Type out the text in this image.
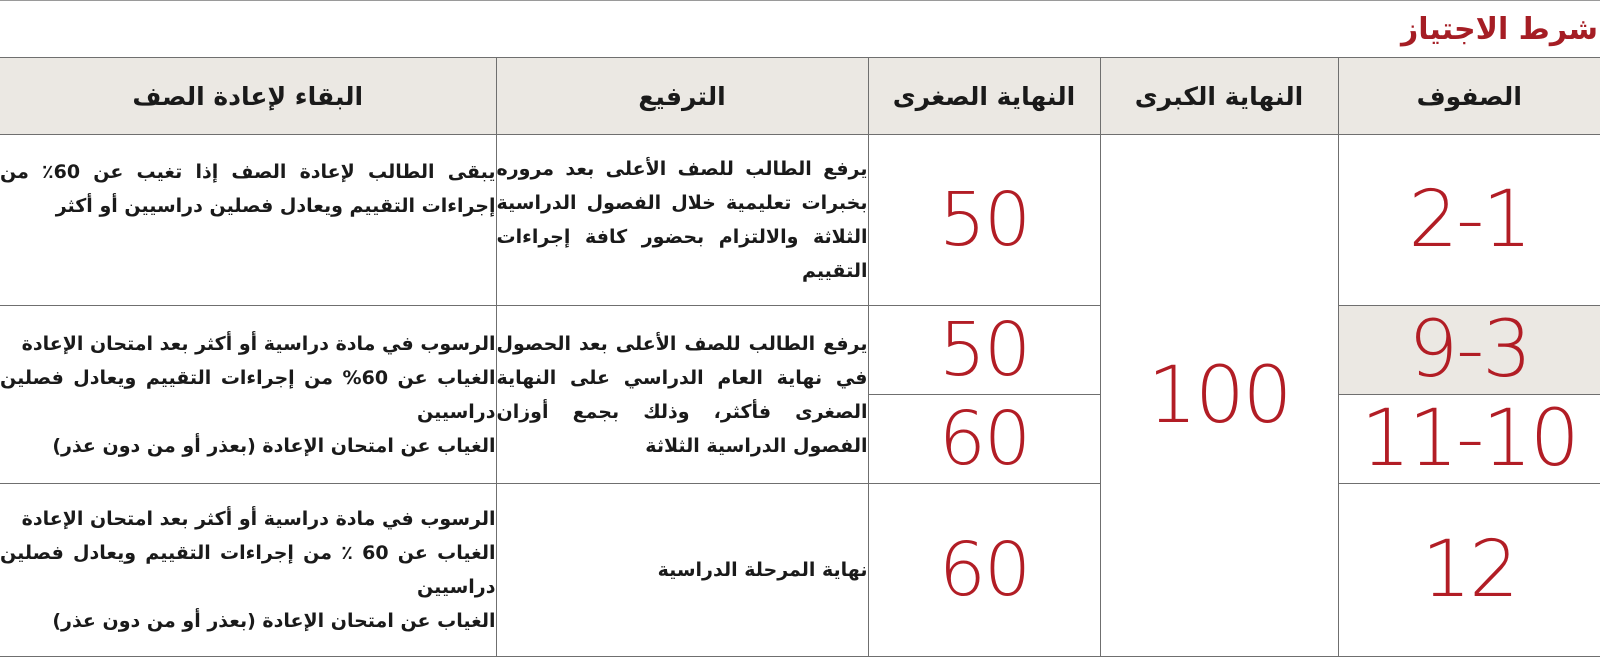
شرط الاجتياز
الصفوف	النهاية الكبرى	النهاية الصغرى	الترفيع	البقاء لإعادة الصف
2-1	100	50	يرفع الطالب للصف الأعلى بعد مروره بخبرات تعليمية خلال الفصول الدراسية الثلاثة والالتزام بحضور كافة إجراءات التقييم	يبقى الطالب لإعادة الصف إذا تغيب عن 60٪ من إجراءات التقييم ويعادل فصلين دراسيين أو أكثر
9-3		50	يرفع الطالب للصف الأعلى بعد الحصول في نهاية العام الدراسي على النهاية الصغرى فأكثر، وذلك بجمع أوزان الفصول الدراسية الثلاثة	الرسوب في مادة دراسية أو أكثر بعد امتحان الإعادة
الغياب عن 60% من إجراءات التقييم ويعادل فصلين دراسيين
الغياب عن امتحان الإعادة (بعذر أو من دون عذر)

11-10		60		
12		60	نهاية المرحلة الدراسية	الرسوب في مادة دراسية أو أكثر بعد امتحان الإعادة
الغياب عن 60 ٪ من إجراءات التقييم ويعادل فصلين دراسيين
الغياب عن امتحان الإعادة (بعذر أو من دون عذر)
